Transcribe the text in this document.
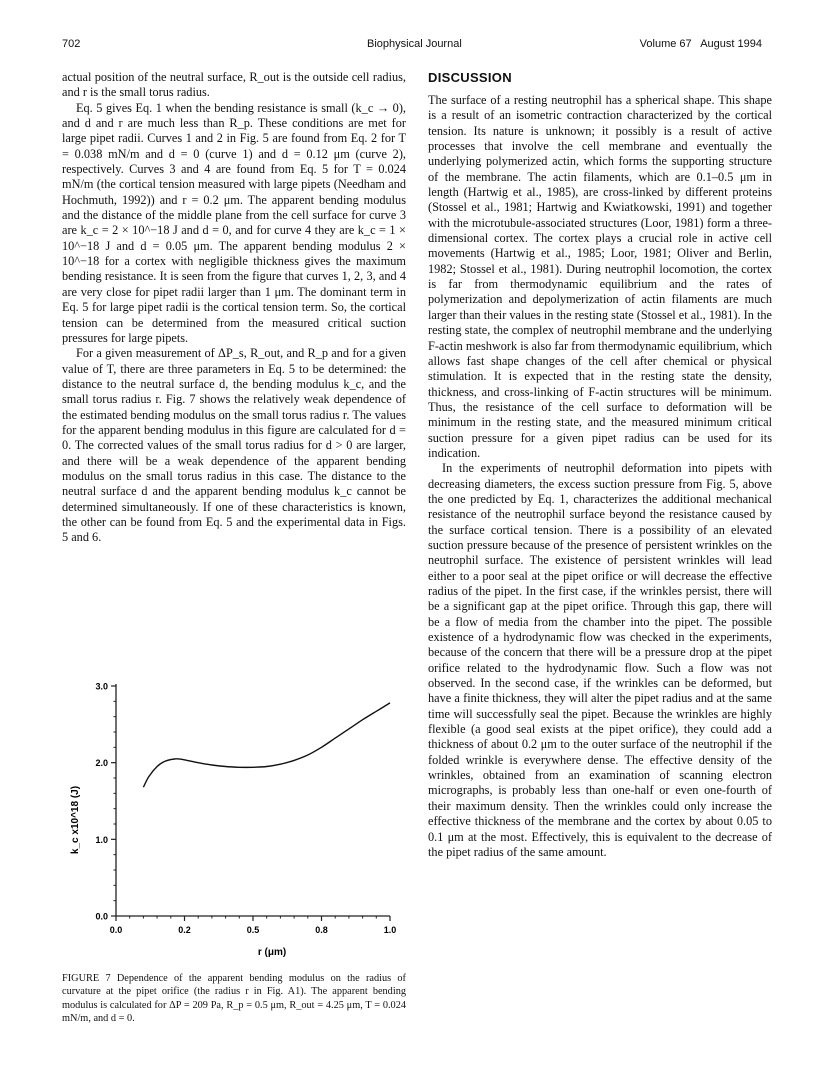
702	Biophysical Journal	Volume 67   August 1994

actual position of the neutral surface, R_out is the outside cell radius, and r is the small torus radius.

Eq. 5 gives Eq. 1 when the bending resistance is small (k_c → 0), and d and r are much less than R_p. These conditions are met for large pipet radii. Curves 1 and 2 in Fig. 5 are found from Eq. 2 for T = 0.038 mN/m and d = 0 (curve 1) and d = 0.12 μm (curve 2), respectively. Curves 3 and 4 are found from Eq. 5 for T = 0.024 mN/m (the cortical tension measured with large pipets (Needham and Hochmuth, 1992)) and r = 0.2 μm. The apparent bending modulus and the distance of the middle plane from the cell surface for curve 3 are k_c = 2 × 10^−18 J and d = 0, and for curve 4 they are k_c = 1 × 10^−18 J and d = 0.05 μm. The apparent bending modulus 2 × 10^−18 for a cortex with negligible thickness gives the maximum bending resistance. It is seen from the figure that curves 1, 2, 3, and 4 are very close for pipet radii larger than 1 μm. The dominant term in Eq. 5 for large pipet radii is the cortical tension term. So, the cortical tension can be determined from the measured critical suction pressures for large pipets.

For a given measurement of ΔP_s, R_out, and R_p and for a given value of T, there are three parameters in Eq. 5 to be determined: the distance to the neutral surface d, the bending modulus k_c, and the small torus radius r. Fig. 7 shows the relatively weak dependence of the estimated bending modulus on the small torus radius r. The values for the apparent bending modulus in this figure are calculated for d = 0. The corrected values of the small torus radius for d > 0 are larger, and there will be a weak dependence of the apparent bending modulus on the small torus radius in this case. The distance to the neutral surface d and the apparent bending modulus k_c cannot be determined simultaneously. If one of these characteristics is known, the other can be found from Eq. 5 and the experimental data in Figs. 5 and 6.

DISCUSSION

The surface of a resting neutrophil has a spherical shape. This shape is a result of an isometric contraction characterized by the cortical tension. Its nature is unknown; it possibly is a result of active processes that involve the cell membrane and eventually the underlying polymerized actin, which forms the supporting structure of the membrane. The actin filaments, which are 0.1–0.5 μm in length (Hartwig et al., 1985), are cross-linked by different proteins (Stossel et al., 1981; Hartwig and Kwiatkowski, 1991) and together with the microtubule-associated structures (Loor, 1981) form a three-dimensional cortex. The cortex plays a crucial role in active cell movements (Hartwig et al., 1985; Loor, 1981; Oliver and Berlin, 1982; Stossel et al., 1981). During neutrophil locomotion, the cortex is far from thermodynamic equilibrium and the rates of polymerization and depolymerization of actin filaments are much larger than their values in the resting state (Stossel et al., 1981). In the resting state, the complex of neutrophil membrane and the underlying F-actin meshwork is also far from thermodynamic equilibrium, which allows fast shape changes of the cell after chemical or physical stimulation. It is expected that in the resting state the density, thickness, and cross-linking of F-actin structures will be minimum. Thus, the resistance of the cell surface to deformation will be minimum in the resting state, and the measured minimum critical suction pressure for a given pipet radius can be used for its indication.

In the experiments of neutrophil deformation into pipets with decreasing diameters, the excess suction pressure from Fig. 5, above the one predicted by Eq. 1, characterizes the additional mechanical resistance of the neutrophil surface beyond the resistance caused by the surface cortical tension. There is a possibility of an elevated suction pressure because of the presence of persistent wrinkles on the neutrophil surface. The existence of persistent wrinkles will lead either to a poor seal at the pipet orifice or will decrease the effective radius of the pipet. In the first case, if the wrinkles persist, there will be a significant gap at the pipet orifice. Through this gap, there will be a flow of media from the chamber into the pipet. The possible existence of a hydrodynamic flow was checked in the experiments, because of the concern that there will be a pressure drop at the pipet orifice related to the hydrodynamic flow. Such a flow was not observed. In the second case, if the wrinkles can be deformed, but have a finite thickness, they will alter the pipet radius and at the same time will successfully seal the pipet. Because the wrinkles are highly flexible (a good seal exists at the pipet orifice), they could add a thickness of about 0.2 μm to the outer surface of the neutrophil if the folded wrinkle is everywhere dense. The effective density of the wrinkles, obtained from an examination of scanning electron micrographs, is probably less than one-half or even one-fourth of their maximum density. Then the wrinkles could only increase the effective thickness of the membrane and the cortex by about 0.05 to 0.1 μm at the most. Effectively, this is equivalent to the decrease of the pipet radius of the same amount.

0.0
1.0
2.0
3.0
0.0	0.2	0.5	0.8	1.0
k_c x10^18 (J)
r (μm)
FIGURE 7 Dependence of the apparent bending modulus on the radius of curvature at the pipet orifice (the radius r in Fig. A1). The apparent bending modulus is calculated for ΔP = 209 Pa, R_p = 0.5 μm, R_out = 4.25 μm, T = 0.024 mN/m, and d = 0.
